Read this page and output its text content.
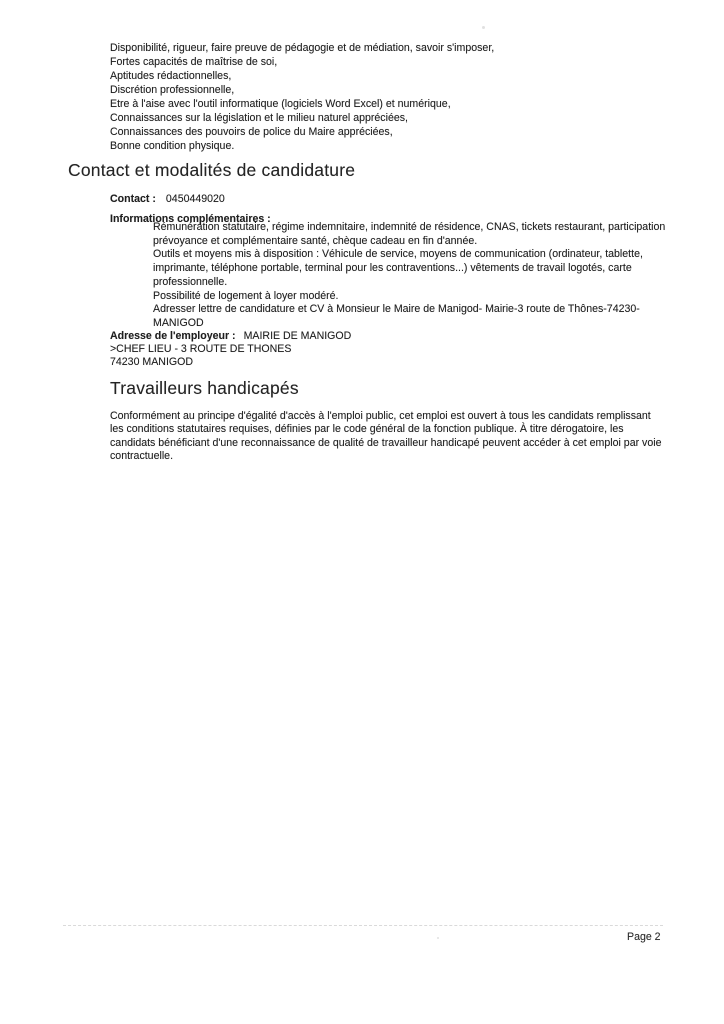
Disponibilité, rigueur, faire preuve de pédagogie et de médiation, savoir s'imposer,
Fortes capacités de maîtrise de soi,
Aptitudes rédactionnelles,
Discrétion professionnelle,
Etre à l'aise avec l'outil informatique (logiciels Word Excel) et numérique,
Connaissances sur la législation et le milieu naturel appréciées,
Connaissances des pouvoirs de police du Maire appréciées,
Bonne condition physique.
Contact et modalités de candidature
Contact : 0450449020
Informations complémentaires :
Rémunération statutaire, régime indemnitaire, indemnité de résidence, CNAS, tickets restaurant, participation
prévoyance et complémentaire santé, chèque cadeau en fin d'année.
Outils et moyens mis à disposition : Véhicule de service, moyens de communication (ordinateur, tablette,
imprimante, téléphone portable, terminal pour les contraventions...) vêtements de travail logotés, carte
professionnelle.
Possibilité de logement à loyer modéré.
Adresser lettre de candidature et CV à Monsieur le Maire de Manigod- Mairie-3 route de Thônes-74230-
MANIGOD
Adresse de l'employeur : MAIRIE DE MANIGOD
>CHEF LIEU - 3 ROUTE DE THONES
74230 MANIGOD
Travailleurs handicapés
Conformément au principe d'égalité d'accès à l'emploi public, cet emploi est ouvert à tous les candidats remplissant
les conditions statutaires requises, définies par le code général de la fonction publique. À titre dérogatoire, les
candidats bénéficiant d'une reconnaissance de qualité de travailleur handicapé peuvent accéder à cet emploi par voie
contractuelle.
Page 2
